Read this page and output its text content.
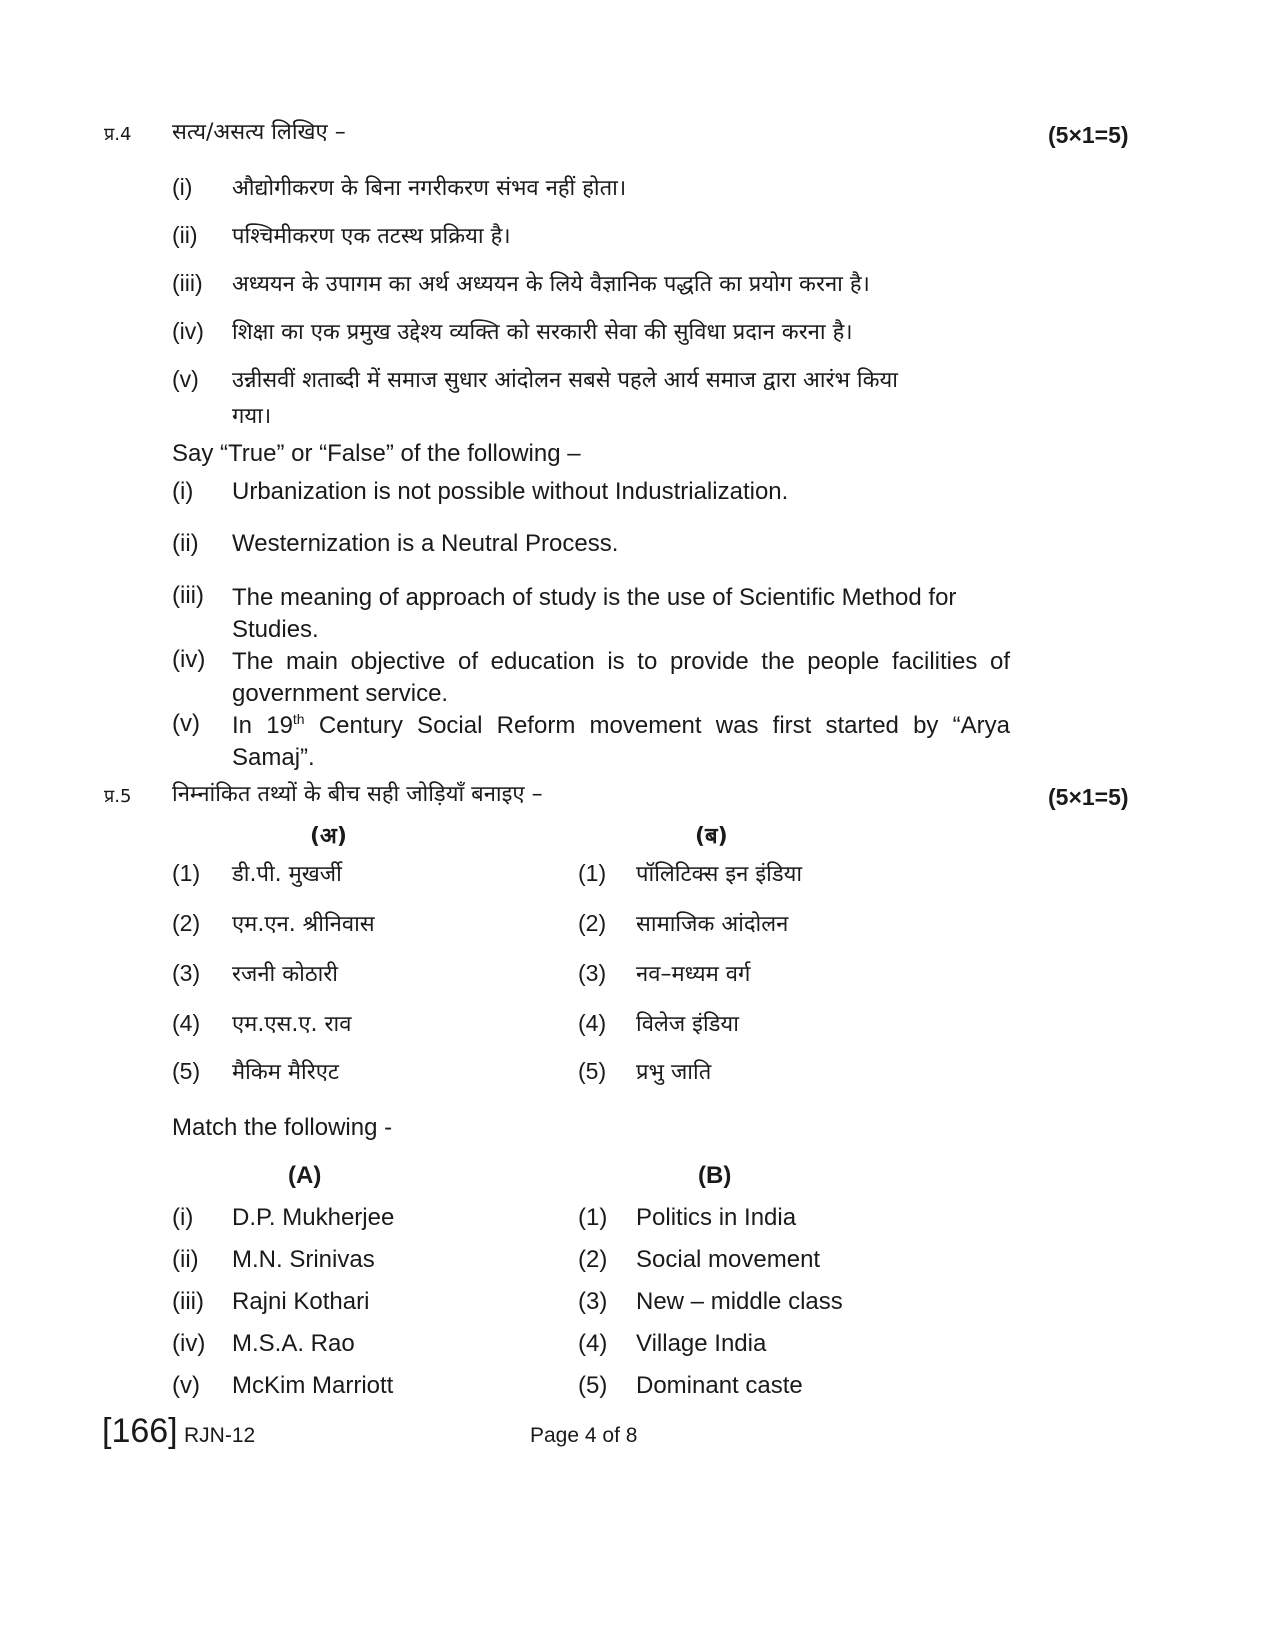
प्र.4 सत्य/असत्य लिखिए –	(5×1=5)
(i) औद्योगीकरण के बिना नगरीकरण संभव नहीं होता।
(ii) पश्चिमीकरण एक तटस्थ प्रक्रिया है।
(iii) अध्ययन के उपागम का अर्थ अध्ययन के लिये वैज्ञानिक पद्धति का प्रयोग करना है।
(iv) शिक्षा का एक प्रमुख उद्देश्य व्यक्ति को सरकारी सेवा की सुविधा प्रदान करना है।
(v) उन्नीसवीं शताब्दी में समाज सुधार आंदोलन सबसे पहले आर्य समाज द्वारा आरंभ किया
गया।
Say “True” or “False” of the following –
(i) Urbanization is not possible without Industrialization.
(ii) Westernization is a Neutral Process.
(iii) The meaning of approach of study is the use of Scientific Method for Studies.
(iv) The main objective of education is to provide the people facilities of government service.
(v) In 19th Century Social Reform movement was first started by “Arya Samaj”.
प्र.5 निम्नांकित तथ्यों के बीच सही जोड़ियाँ बनाइए –	(5×1=5)
(अ)	(ब)
(1) डी.पी. मुखर्जी	(1) पॉलिटिक्स इन इंडिया
(2) एम.एन. श्रीनिवास	(2) सामाजिक आंदोलन
(3) रजनी कोठारी	(3) नव–मध्यम वर्ग
(4) एम.एस.ए. राव	(4) विलेज इंडिया
(5) मैकिम मैरिएट	(5) प्रभु जाति
Match the following -
(A)	(B)
(i) D.P. Mukherjee	(1) Politics in India
(ii) M.N. Srinivas	(2) Social movement
(iii) Rajni Kothari	(3) New – middle class
(iv) M.S.A. Rao	(4) Village India
(v) McKim Marriott	(5) Dominant caste
[166] RJN-12	Page 4 of 8
